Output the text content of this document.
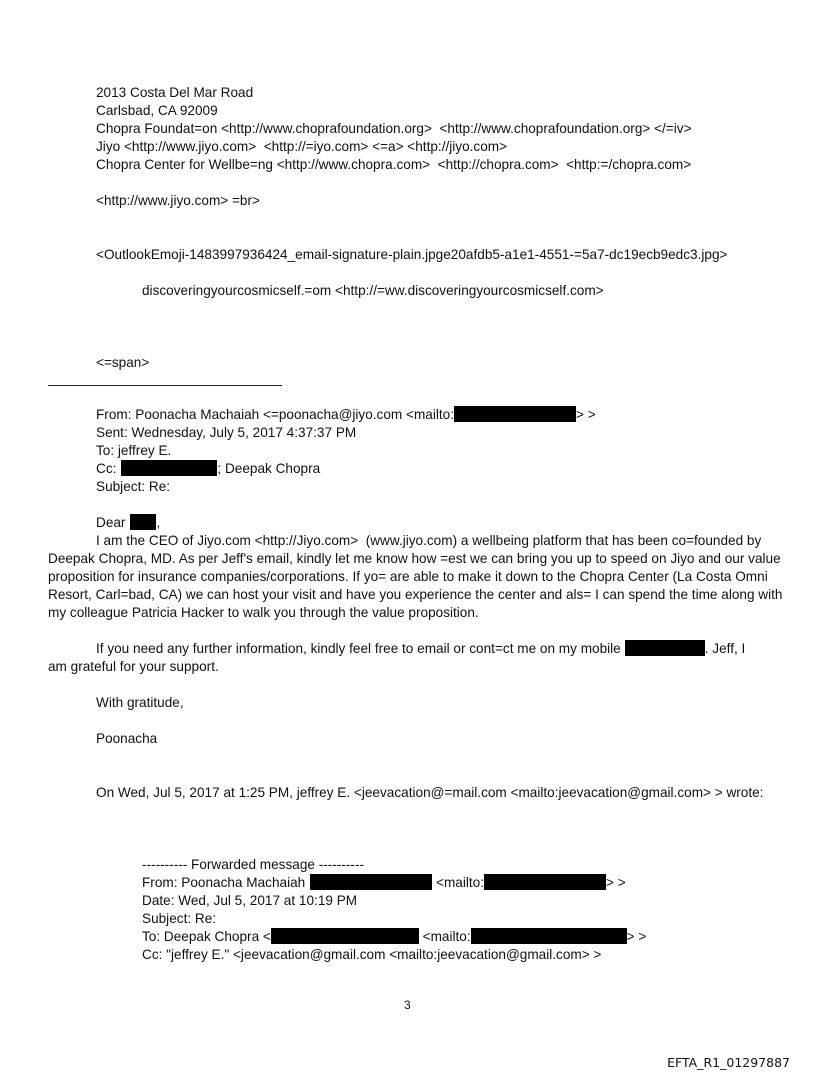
2013 Costa Del Mar Road
Carlsbad, CA 92009
Chopra Foundat=on <http://www.choprafoundation.org>  <http://www.choprafoundation.org> </=iv>
Jiyo <http://www.jiyo.com>  <http://=iyo.com> <=a> <http://jiyo.com>
Chopra Center for Wellbe=ng <http://www.chopra.com>  <http://chopra.com>  <http:=/chopra.com>
<http://www.jiyo.com> =br>
<OutlookEmoji-1483997936424_email-signature-plain.jpge20afdb5-a1e1-4551-=5a7-dc19ecb9edc3.jpg>
discoveringyourcosmicself.=om <http://=ww.discoveringyourcosmicself.com>
<=span>
From: Poonacha Machaiah <=poonacha@jiyo.com <mailto:	> >
Sent: Wednesday, July 5, 2017 4:37:37 PM
To: jeffrey E.
Cc:	; Deepak Chopra
Subject: Re:
Dear ,
I am the CEO of Jiyo.com <http://Jiyo.com>  (www.jiyo.com) a wellbeing platform that has been co=founded by
Deepak Chopra, MD. As per Jeff's email, kindly let me know how =est we can bring you up to speed on Jiyo and our value
proposition for insurance companies/corporations. If yo= are able to make it down to the Chopra Center (La Costa Omni
Resort, Carl=bad, CA) we can host your visit and have you experience the center and als= I can spend the time along with
my colleague Patricia Hacker to walk you through the value proposition.
If you need any further information, kindly feel free to email or cont=ct me on my mobile	. Jeff, I
am grateful for your support.
With gratitude,
Poonacha
On Wed, Jul 5, 2017 at 1:25 PM, jeffrey E. <jeevacation@=mail.com <mailto:jeevacation@gmail.com> > wrote:
---------- Forwarded message ----------
From: Poonacha Machaiah	<mailto:	> >
Date: Wed, Jul 5, 2017 at 10:19 PM
Subject: Re:
To: Deepak Chopra <	<mailto:	> >
Cc: "jeffrey E." <jeevacation@gmail.com <mailto:jeevacation@gmail.com> >
3
EFTA_R1_01297887
